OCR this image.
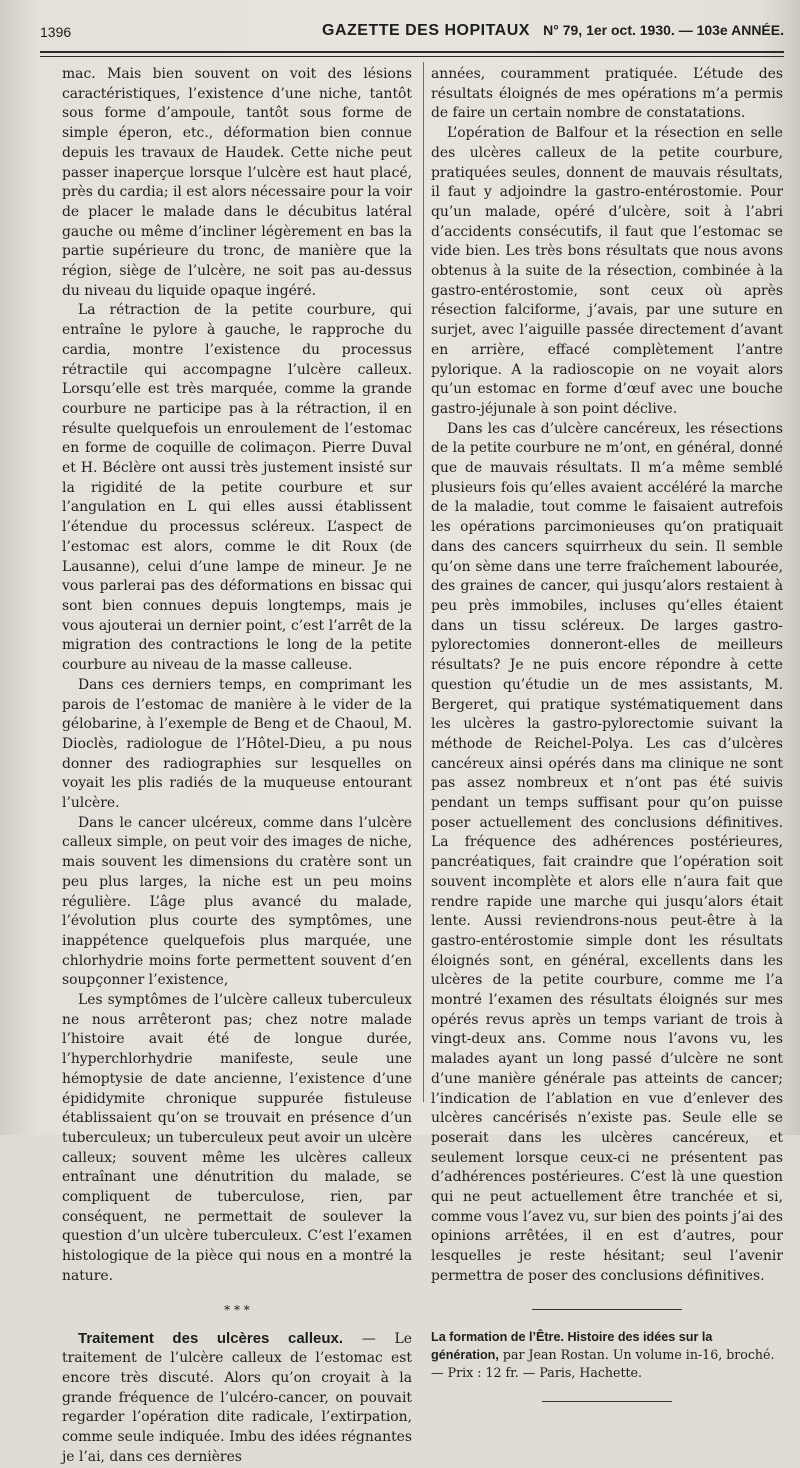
1396	GAZETTE DES HOPITAUX N° 79, 1er oct. 1930. — 103e ANNÉE.

mac. Mais bien souvent on voit des lésions caractéristiques, l’existence d’une niche, tantôt sous forme d’ampoule, tantôt sous forme de simple éperon, etc., déformation bien connue depuis les travaux de Haudek. Cette niche peut passer inaperçue lorsque l’ulcère est haut placé, près du cardia; il est alors nécessaire pour la voir de placer le malade dans le décubitus latéral gauche ou même d’incliner légèrement en bas la partie supérieure du tronc, de manière que la région, siège de l’ulcère, ne soit pas au-dessus du niveau du liquide opaque ingéré.

La rétraction de la petite courbure, qui entraîne le pylore à gauche, le rapproche du cardia, montre l’existence du processus rétractile qui accompagne l’ulcère calleux. Lorsqu’elle est très marquée, comme la grande courbure ne participe pas à la rétraction, il en résulte quelquefois un enroulement de l’estomac en forme de coquille de colimaçon. Pierre Duval et H. Béclère ont aussi très justement insisté sur la rigidité de la petite courbure et sur l’angulation en L qui elles aussi établissent l’étendue du processus scléreux. L’aspect de l’estomac est alors, comme le dit Roux (de Lausanne), celui d’une lampe de mineur. Je ne vous parlerai pas des déformations en bissac qui sont bien connues depuis longtemps, mais je vous ajouterai un dernier point, c’est l’arrêt de la migration des contractions le long de la petite courbure au niveau de la masse calleuse.

Dans ces derniers temps, en comprimant les parois de l’estomac de manière à le vider de la gélobarine, à l’exemple de Beng et de Chaoul, M. Dioclès, radiologue de l’Hôtel-Dieu, a pu nous donner des radiographies sur lesquelles on voyait les plis radiés de la muqueuse entourant l’ulcère.

Dans le cancer ulcéreux, comme dans l’ulcère calleux simple, on peut voir des images de niche, mais souvent les dimensions du cratère sont un peu plus larges, la niche est un peu moins régulière. L’âge plus avancé du malade, l’évolution plus courte des symptômes, une inappétence quelquefois plus marquée, une chlorhydrie moins forte permettent souvent d’en soupçonner l’existence,

Les symptômes de l’ulcère calleux tuberculeux ne nous arrêteront pas; chez notre malade l’histoire avait été de longue durée, l’hyperchlorhydrie manifeste, seule une hémoptysie de date ancienne, l’existence d’une épididymite chronique suppurée fistuleuse établissaient qu’on se trouvait en présence d’un tuberculeux; un tuberculeux peut avoir un ulcère calleux; souvent même les ulcères calleux entraînant une dénutrition du malade, se compliquent de tuberculose, rien, par conséquent, ne permettait de soulever la question d’un ulcère tuberculeux. C’est l’examen histologique de la pièce qui nous en a montré la nature.

* * *

Traitement des ulcères calleux. — Le traitement de l’ulcère calleux de l’estomac est encore très discuté. Alors qu’on croyait à la grande fréquence de l’ulcéro-cancer, on pouvait regarder l’opération dite radicale, l’extirpation, comme seule indiquée. Imbu des idées régnantes je l’ai, dans ces dernières

années, couramment pratiquée. L’étude des résultats éloignés de mes opérations m’a permis de faire un certain nombre de constatations.

L’opération de Balfour et la résection en selle des ulcères calleux de la petite courbure, pratiquées seules, donnent de mauvais résultats, il faut y adjoindre la gastro-entérostomie. Pour qu’un malade, opéré d’ulcère, soit à l’abri d’accidents consécutifs, il faut que l’estomac se vide bien. Les très bons résultats que nous avons obtenus à la suite de la résection, combinée à la gastro-entérostomie, sont ceux où après résection falciforme, j’avais, par une suture en surjet, avec l’aiguille passée directement d’avant en arrière, effacé complètement l’antre pylorique. A la radioscopie on ne voyait alors qu’un estomac en forme d’œuf avec une bouche gastro-jéjunale à son point déclive.

Dans les cas d’ulcère cancéreux, les résections de la petite courbure ne m’ont, en général, donné que de mauvais résultats. Il m’a même semblé plusieurs fois qu’elles avaient accéléré la marche de la maladie, tout comme le faisaient autrefois les opérations parcimonieuses qu’on pratiquait dans des cancers squirrheux du sein. Il semble qu’on sème dans une terre fraîchement labourée, des graines de cancer, qui jusqu’alors restaient à peu près immobiles, incluses qu’elles étaient dans un tissu scléreux. De larges gastro-pylorectomies donneront-elles de meilleurs résultats? Je ne puis encore répondre à cette question qu’étudie un de mes assistants, M. Bergeret, qui pratique systématiquement dans les ulcères la gastro-pylorectomie suivant la méthode de Reichel-Polya. Les cas d’ulcères cancéreux ainsi opérés dans ma clinique ne sont pas assez nombreux et n’ont pas été suivis pendant un temps suffisant pour qu’on puisse poser actuellement des conclusions définitives. La fréquence des adhérences postérieures, pancréatiques, fait craindre que l’opération soit souvent incomplète et alors elle n’aura fait que rendre rapide une marche qui jusqu’alors était lente. Aussi reviendrons-nous peut-être à la gastro-entérostomie simple dont les résultats éloignés sont, en général, excellents dans les ulcères de la petite courbure, comme me l’a montré l’examen des résultats éloignés sur mes opérés revus après un temps variant de trois à vingt-deux ans. Comme nous l’avons vu, les malades ayant un long passé d’ulcère ne sont d’une manière générale pas atteints de cancer; l’indication de l’ablation en vue d’enlever des ulcères cancérisés n’existe pas. Seule elle se poserait dans les ulcères cancéreux, et seulement lorsque ceux-ci ne présentent pas d’adhérences postérieures. C’est là une question qui ne peut actuellement être tranchée et si, comme vous l’avez vu, sur bien des points j’ai des opinions arrêtées, il en est d’autres, pour lesquelles je reste hésitant; seul l’avenir permettra de poser des conclusions définitives.

La formation de l’Être. Histoire des idées sur la génération, par Jean Rostan. Un volume in-16, broché. — Prix : 12 fr. — Paris, Hachette.
